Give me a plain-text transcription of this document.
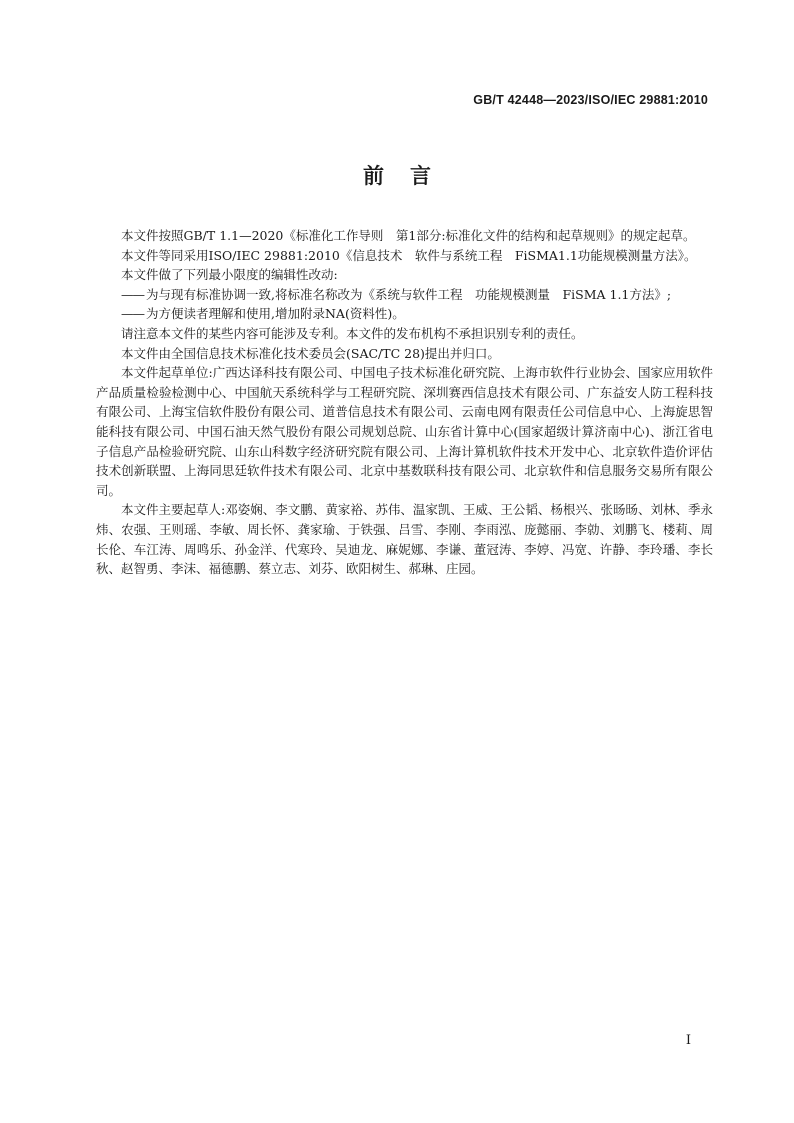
GB/T 42448—2023/ISO/IEC 29881:2010
前言

本文件按照GB/T 1.1—2020《标准化工作导则　第1部分:标准化文件的结构和起草规则》的规定起草。

本文件等同采用ISO/IEC 29881:2010《信息技术　软件与系统工程　FiSMA1.1功能规模测量方法》。

本文件做了下列最小限度的编辑性改动:

—— 为与现有标准协调一致,将标准名称改为《系统与软件工程　功能规模测量　FiSMA 1.1方法》;

—— 为方便读者理解和使用,增加附录NA(资料性)。

请注意本文件的某些内容可能涉及专利。本文件的发布机构不承担识别专利的责任。

本文件由全国信息技术标准化技术委员会(SAC/TC 28)提出并归口。

本文件起草单位:广西达译科技有限公司、中国电子技术标准化研究院、上海市软件行业协会、国家应用软件产品质量检验检测中心、中国航天系统科学与工程研究院、深圳赛西信息技术有限公司、广东益安人防工程科技有限公司、上海宝信软件股份有限公司、道普信息技术有限公司、云南电网有限责任公司信息中心、上海旋思智能科技有限公司、中国石油天然气股份有限公司规划总院、山东省计算中心(国家超级计算济南中心)、浙江省电子信息产品检验研究院、山东山科数字经济研究院有限公司、上海计算机软件技术开发中心、北京软件造价评估技术创新联盟、上海同思廷软件技术有限公司、北京中基数联科技有限公司、北京软件和信息服务交易所有限公司。

本文件主要起草人:邓姿娴、李文鹏、黄家裕、苏伟、温家凯、王威、王公韬、杨根兴、张旸旸、刘林、季永炜、农强、王则瑶、李敏、周长怀、龚家瑜、于铁强、吕雪、李刚、李雨泓、庞懿丽、李勍、刘鹏飞、楼莉、周长伦、车江涛、周鸣乐、孙金洋、代寒玲、吴迪龙、麻妮娜、李谦、董冠涛、李婷、冯宽、许静、李玲璠、李长秋、赵智勇、李沫、福德鹏、蔡立志、刘芬、欧阳树生、郝琳、庄园。

I
